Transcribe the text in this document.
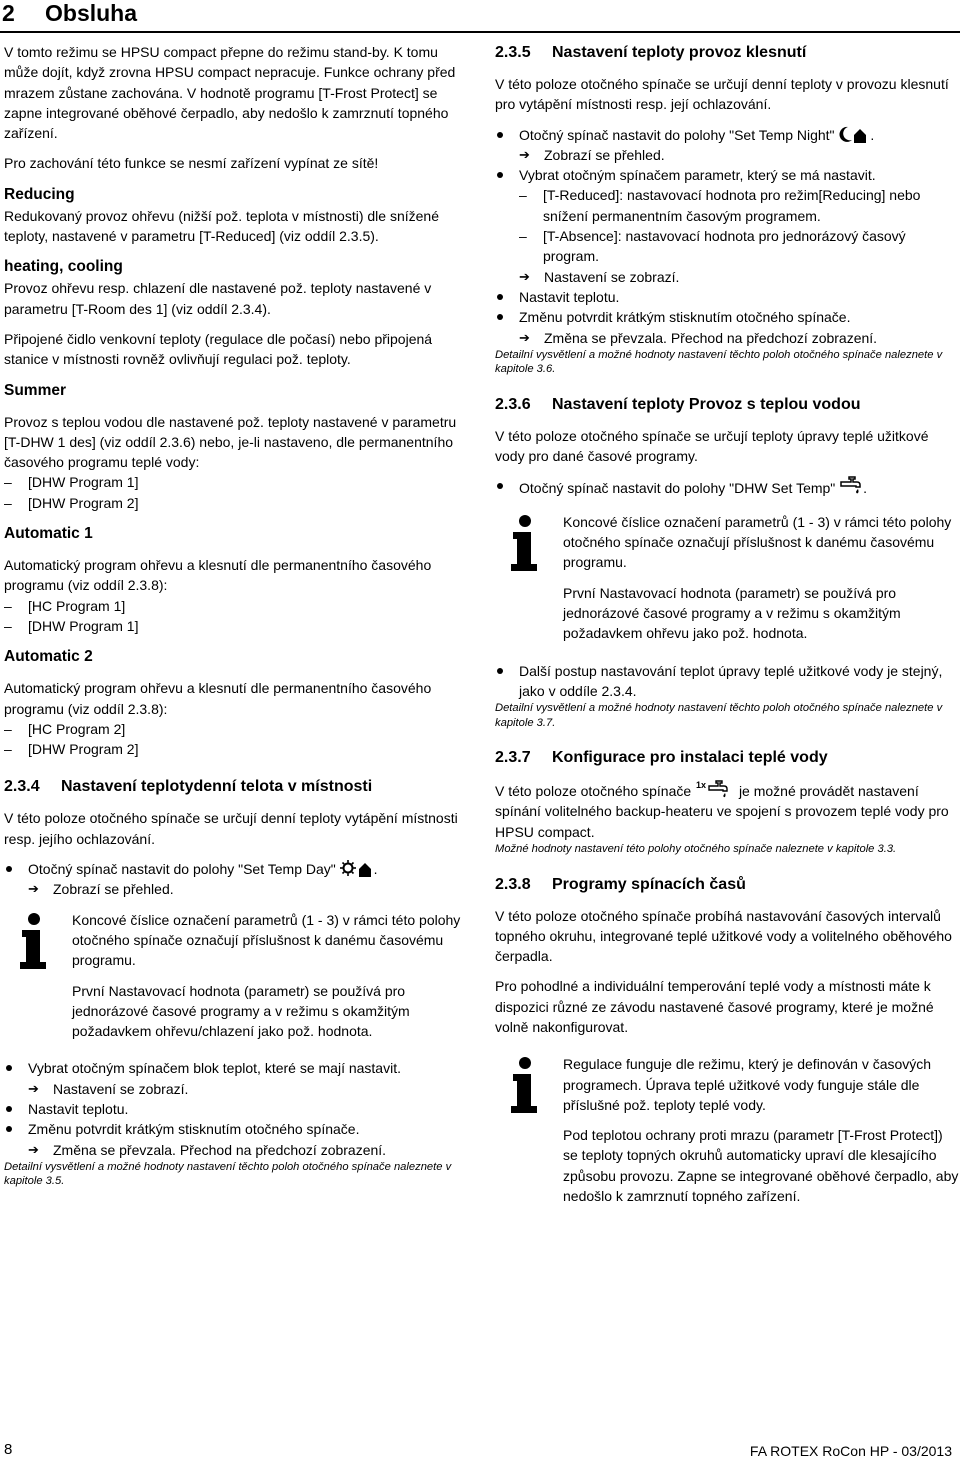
2 Obsluha

V tomto režimu se HPSU compact přepne do režimu stand-by. K tomu může dojít, když zrovna HPSU compact nepracuje. Funkce ochrany před mrazem zůstane zachována. V hodnotě programu [T-Frost Protect] se zapne integrované oběhové čerpadlo, aby nedošlo k zamrznutí topného zařízení.

Pro zachování této funkce se nesmí zařízení vypínat ze sítě!

Reducing

Redukovaný provoz ohřevu (nižší pož. teplota v místnosti) dle snížené teploty, nastavené v parametru [T-Reduced] (viz oddíl 2.3.5).

heating, cooling

Provoz ohřevu resp. chlazení dle nastavené pož. teploty nastavené v parametru [T-Room des 1] (viz oddíl 2.3.4).

Připojené čidlo venkovní teploty (regulace dle počasí) nebo připojená stanice v místnosti rovněž ovlivňují regulaci pož. teploty.

Summer

Provoz s teplou vodou dle nastavené pož. teploty nastavené v parametru [T-DHW 1 des] (viz oddíl 2.3.6) nebo, je-li nastaveno, dle permanentního časového programu teplé vody:

–	[DHW Program 1]
–	[DHW Program 2]
Automatic 1

Automatický program ohřevu a klesnutí dle permanentního časového programu (viz oddíl 2.3.8):

–	[HC Program 1]
–	[DHW Program 1]
Automatic 2

Automatický program ohřevu a klesnutí dle permanentního časového programu (viz oddíl 2.3.8):

–	[HC Program 2]
–	[DHW Program 2]
2.3.4	Nastavení teplotydenní telota v místnosti

V této poloze otočného spínače se určují denní teploty vytápění místnosti resp. jejího ochlazování.

Otočný spínač nastavit do polohy "Set Temp Day"	.
➔	Zobrazí se přehled.

Koncové číslice označení parametrů (1 - 3) v rámci této polohy otočného spínače označují příslušnost k danému časovému programu.

První Nastavovací hodnota (parametr) se používá pro jednorázové časové programy a v režimu s okamžitým požadavkem ohřevu/chlazení jako pož. hodnota.

Vybrat otočným spínačem blok teplot, které se mají nastavit.
➔	Nastavení se zobrazí.
Nastavit teplotu.
Změnu potvrdit krátkým stisknutím otočného spínače.
➔	Změna se převzala. Přechod na předchozí zobrazení.
Detailní vysvětlení a možné hodnoty nastavení těchto poloh otočného spínače naleznete v kapitole 3.5.
2.3.5	Nastavení teploty provoz klesnutí

V této poloze otočného spínače se určují denní teploty v provozu klesnutí pro vytápění místnosti resp. její ochlazování.

Otočný spínač nastavit do polohy "Set Temp Night"	.
➔	Zobrazí se přehled.
Vybrat otočným spínačem parametr, který se má nastavit.
–	[T-Reduced]: nastavovací hodnota pro režim[Reducing] nebo snížení permanentním časovým programem.
–	[T-Absence]: nastavovací hodnota pro jednorázový časový program.
➔	Nastavení se zobrazí.
Nastavit teplotu.
Změnu potvrdit krátkým stisknutím otočného spínače.
➔	Změna se převzala. Přechod na předchozí zobrazení.
Detailní vysvětlení a možné hodnoty nastavení těchto poloh otočného spínače naleznete v kapitole 3.6.
2.3.6	Nastavení teploty Provoz s teplou vodou

V této poloze otočného spínače se určují teploty úpravy teplé užitkové vody pro dané časové programy.

Otočný spínač nastavit do polohy "DHW Set Temp" .

Koncové číslice označení parametrů (1 - 3) v rámci této polohy otočného spínače označují příslušnost k danému časovému programu.

První Nastavovací hodnota (parametr) se používá pro jednorázové časové programy a v režimu s okamžitým požadavkem ohřevu jako pož. hodnota.

Další postup nastavování teplot úpravy teplé užitkové vody je stejný, jako v oddíle 2.3.4.
Detailní vysvětlení a možné hodnoty nastavení těchto poloh otočného spínače naleznete v kapitole 3.7.
2.3.7	Konfigurace pro instalaci teplé vody

V této poloze otočného spínače 1x je možné provádět nastavení spínání volitelného backup-heateru ve spojení s provozem teplé vody pro HPSU compact.

Možné hodnoty nastavení této polohy otočného spínače naleznete v kapitole 3.3.
2.3.8	Programy spínacích časů

V této poloze otočného spínače probíhá nastavování časových intervalů topného okruhu, integrované teplé užitkové vody a volitelného oběhového čerpadla.

Pro pohodlné a individuální temperování teplé vody a místnosti máte k dispozici různé ze závodu nastavené časové programy, které je možné volně nakonfigurovat.

Regulace funguje dle režimu, který je definován v časových programech. Úprava teplé užitkové vody funguje stále dle příslušné pož. teploty teplé vody.

Pod teplotou ochrany proti mrazu (parametr [T-Frost Protect]) se teploty topných okruhů automaticky upraví dle klesajícího způsobu provozu. Zapne se integrované oběhové čerpadlo, aby nedošlo k zamrznutí topného zařízení.

8	FA ROTEX RoCon HP - 03/2013
